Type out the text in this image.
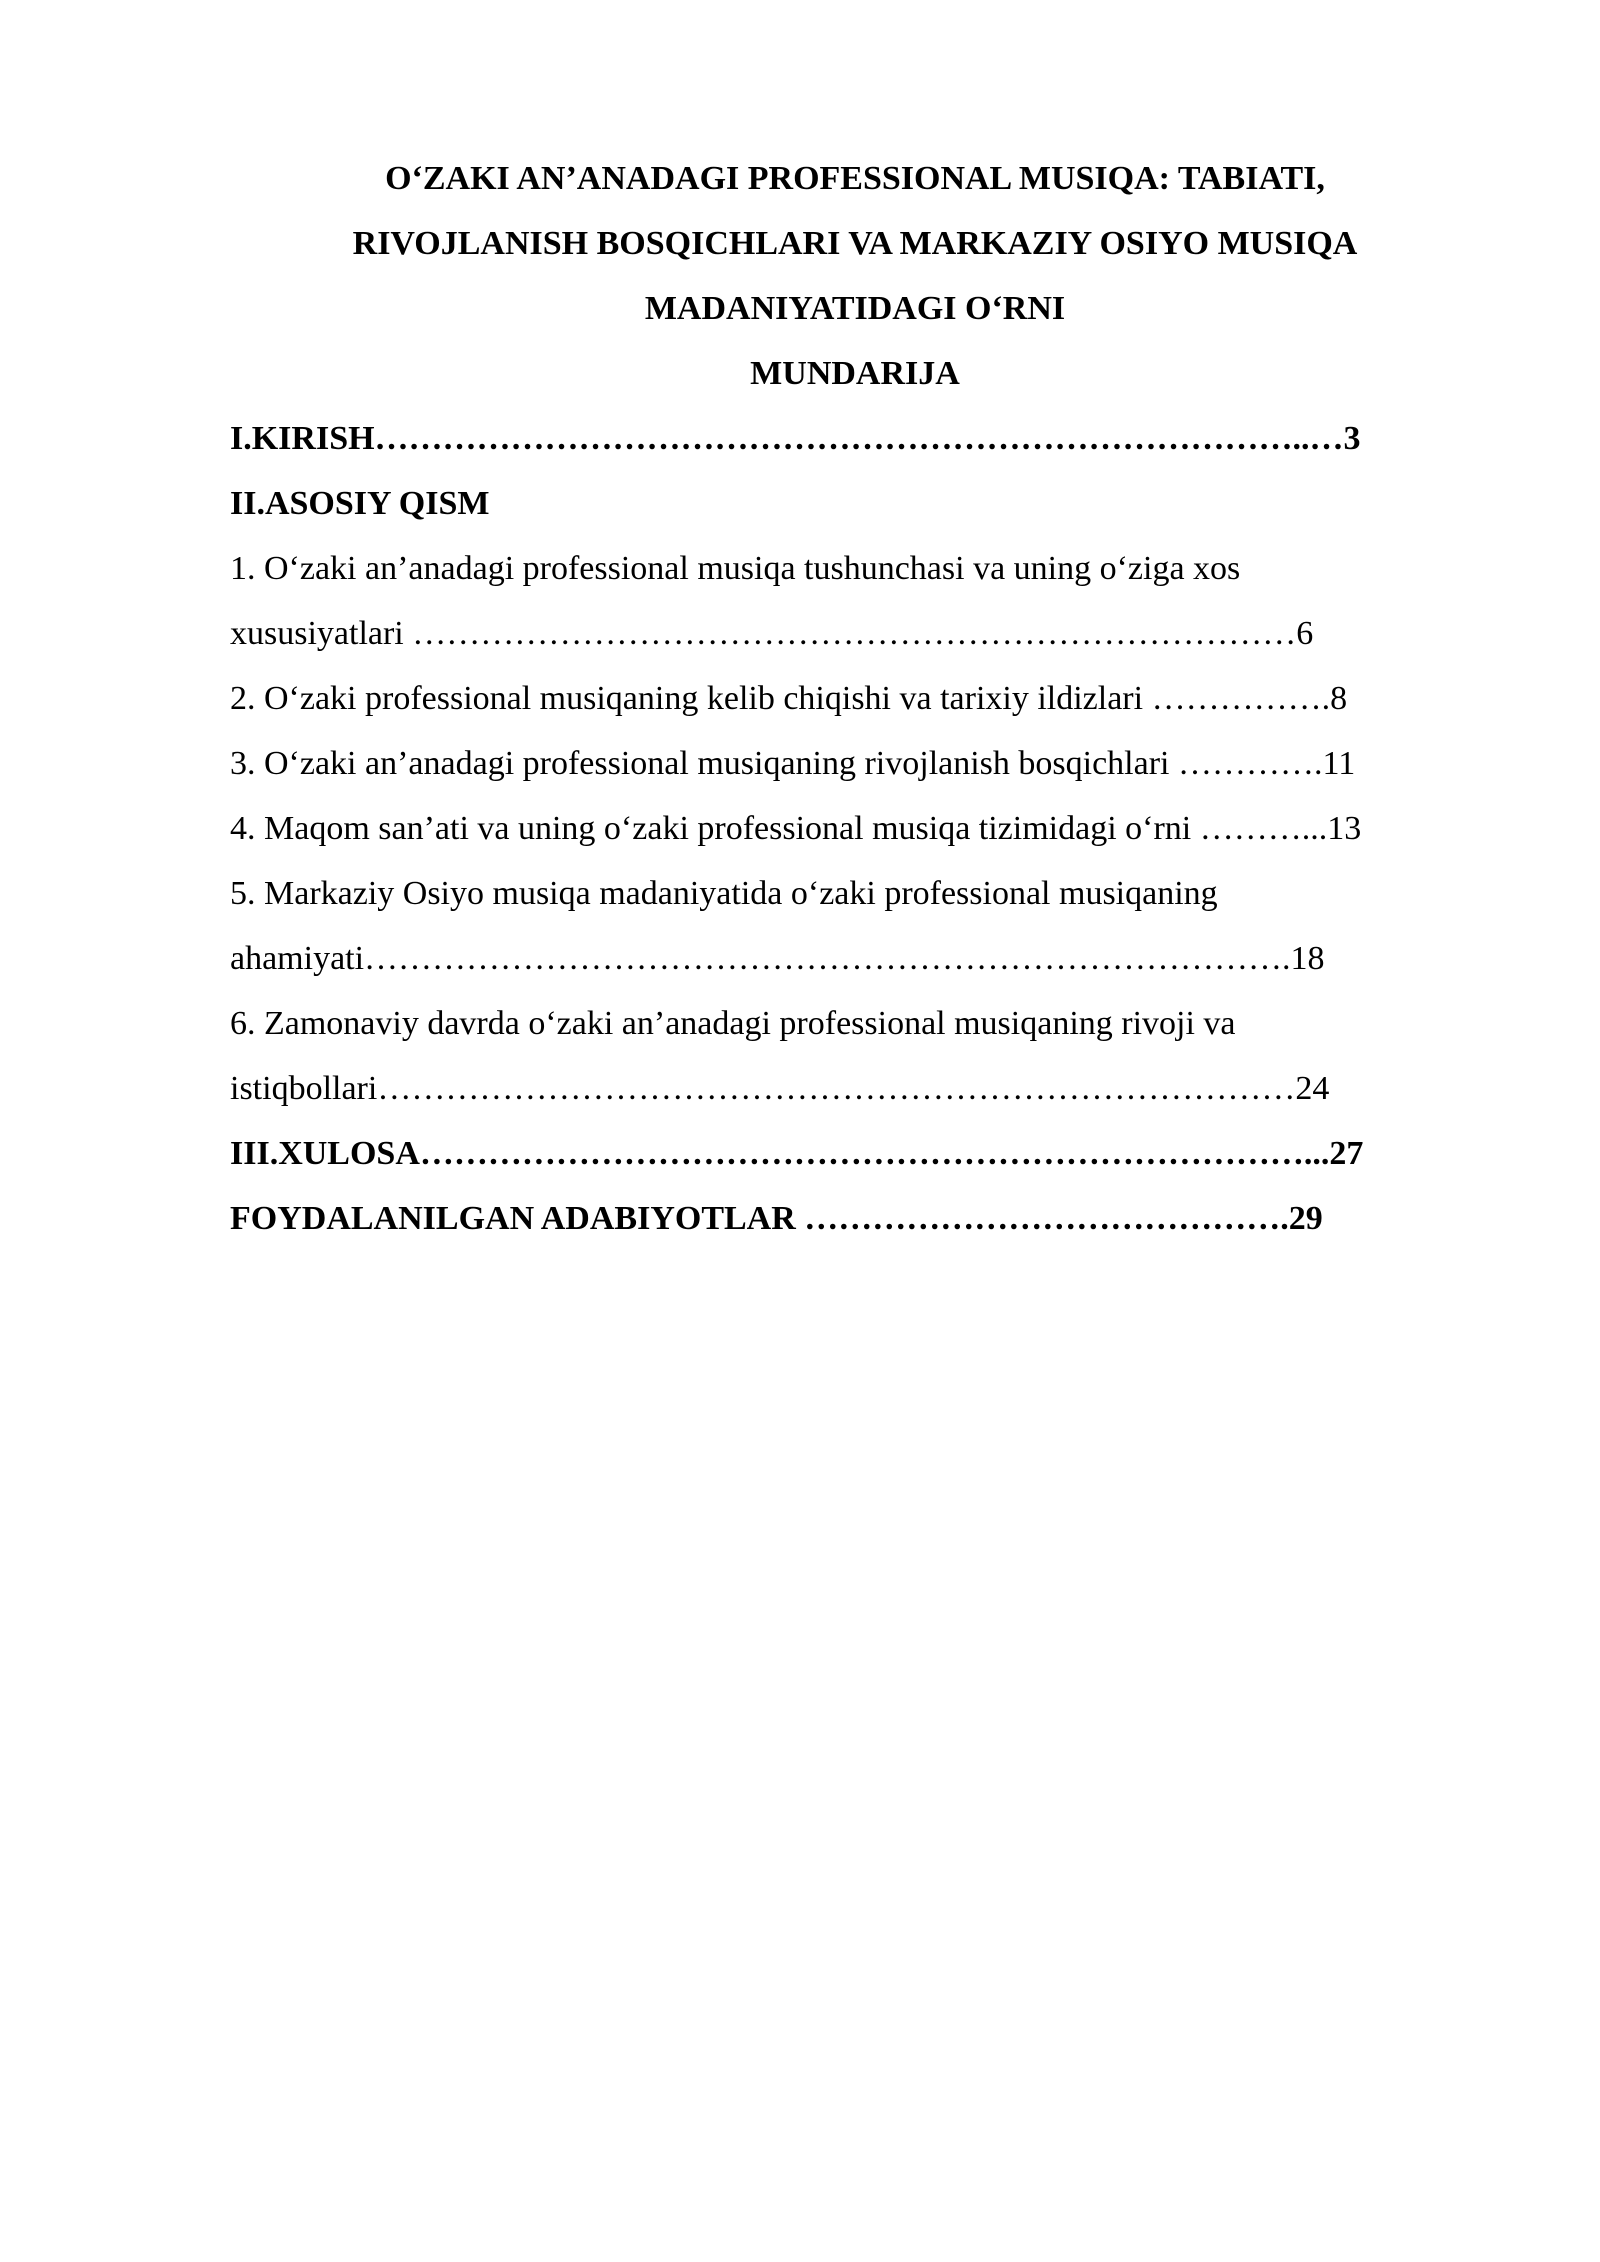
O‘ZAKI AN’ANADAGI PROFESSIONAL MUSIQA: TABIATI,
RIVOJLANISH BOSQICHLARI VA MARKAZIY OSIYO MUSIQA
MADANIYATIDAGI O‘RNI
MUNDARIJA
I.KIRISH………………………………………………………………………..…3
II.ASOSIY QISM
1. O‘zaki an’anadagi professional musiqa tushunchasi va uning o‘ziga xos
xususiyatlari ……………………………………………………………………6
2. O‘zaki professional musiqaning kelib chiqishi va tarixiy ildizlari …………….8
3. O‘zaki an’anadagi professional musiqaning rivojlanish bosqichlari ………….11
4. Maqom san’ati va uning o‘zaki professional musiqa tizimidagi o‘rni ………...13
5. Markaziy Osiyo musiqa madaniyatida o‘zaki professional musiqaning
ahamiyati……………………………………………………………………….18
6. Zamonaviy davrda o‘zaki an’anadagi professional musiqaning rivoji va
istiqbollari………………………………………………………………………24
III.XULOSA……………………………………………………………………...27
FOYDALANILGAN ADABIYOTLAR …………………………………….29
